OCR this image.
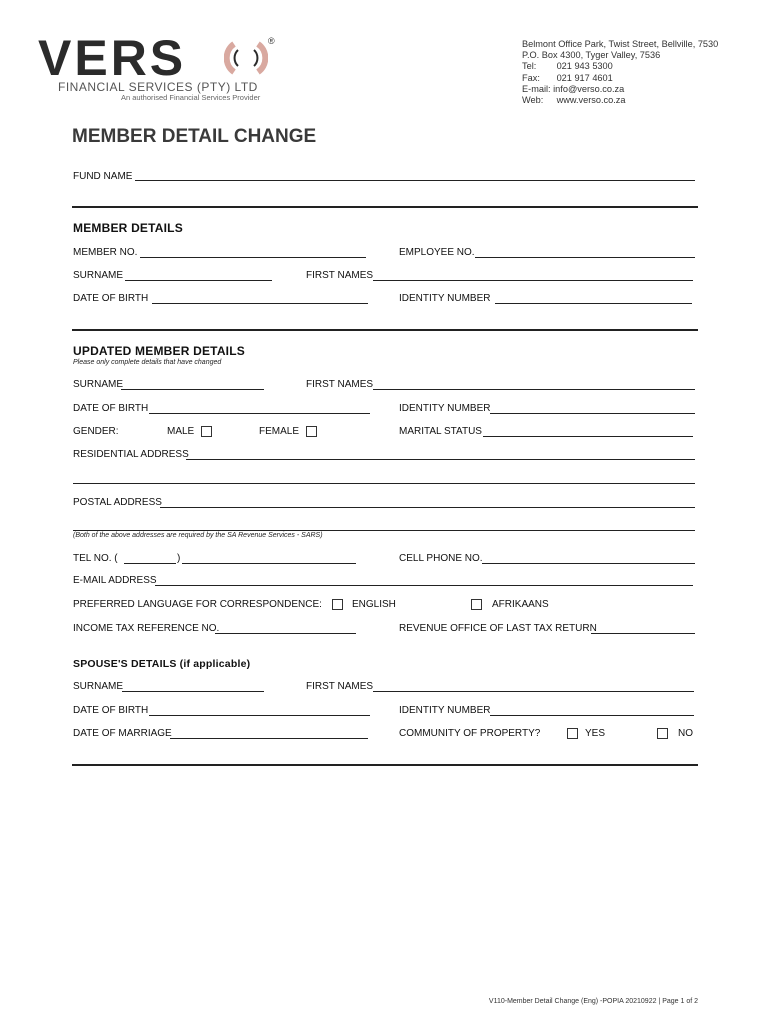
VERS	®
FINANCIAL SERVICES (PTY) LTD
An authorised Financial Services Provider
Belmont Office Park, Twist Street, Bellville, 7530
P.O. Box 4300, Tyger Valley, 7536
Tel: 021 943 5300
Fax: 021 917 4601
E-mail: info@verso.co.za
Web: www.verso.co.za
MEMBER DETAIL CHANGE
FUND NAME
MEMBER DETAILS
MEMBER NO.	EMPLOYEE NO.
SURNAME	FIRST NAMES
DATE OF BIRTH	IDENTITY NUMBER
UPDATED MEMBER DETAILS
Please only complete details that have changed
SURNAME	FIRST NAMES
DATE OF BIRTH	IDENTITY NUMBER
GENDER:	MALE	FEMALE	MARITAL STATUS
RESIDENTIAL ADDRESS
POSTAL ADDRESS
(Both of the above addresses are required by the SA Revenue Services - SARS)
TEL NO. (	)	CELL PHONE NO.
E-MAIL ADDRESS
PREFERRED LANGUAGE FOR CORRESPONDENCE:	ENGLISH	AFRIKAANS
INCOME TAX REFERENCE NO.	REVENUE OFFICE OF LAST TAX RETURN
SPOUSE'S DETAILS (if applicable)
SURNAME	FIRST NAMES
DATE OF BIRTH	IDENTITY NUMBER
DATE OF MARRIAGE	COMMUNITY OF PROPERTY?	YES	NO
V110-Member Detail Change (Eng) -POPIA 20210922 | Page 1 of 2
